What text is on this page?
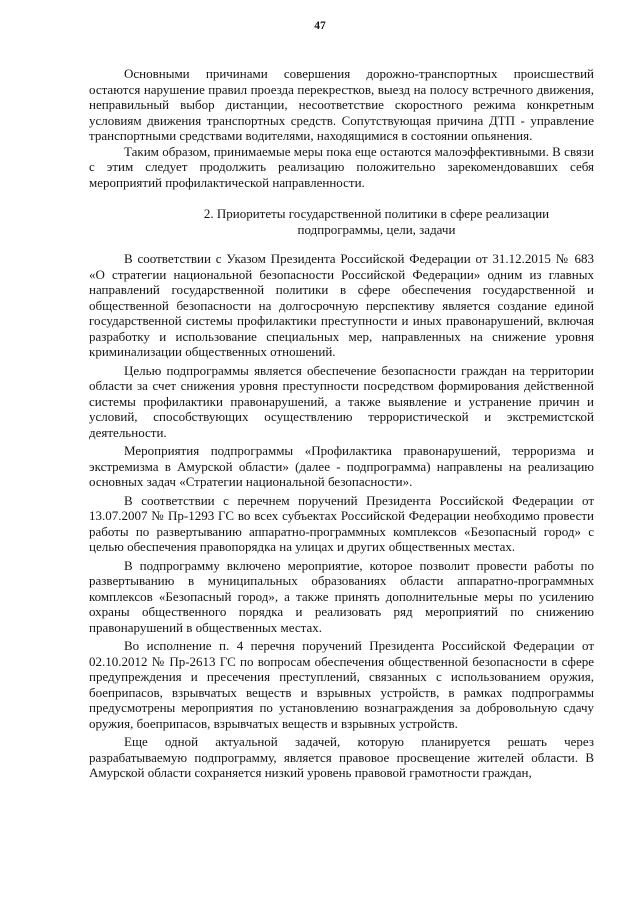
47

Основными причинами совершения дорожно-транспортных происшествий остаются нарушение правил проезда перекрестков, выезд на полосу встречного движения, неправильный выбор дистанции, несоответствие скоростного режима конкретным условиям движения транспортных средств. Сопутствующая причина ДТП - управление транспортными средствами водителями, находящимися в состоянии опьянения.

Таким образом, принимаемые меры пока еще остаются малоэффективными. В связи с этим следует продолжить реализацию положительно зарекомендовавших себя мероприятий профилактической направленности.

2. Приоритеты государственной политики в сфере реализации
подпрограммы, цели, задачи

В соответствии с Указом Президента Российской Федерации от 31.12.2015 № 683 «О стратегии национальной безопасности Российской Федерации» одним из главных направлений государственной политики в сфере обеспечения государственной и общественной безопасности на долгосрочную перспективу является создание единой государственной системы профилактики преступности и иных правонарушений, включая разработку и использование специальных мер, направленных на снижение уровня криминализации общественных отношений.

Целью подпрограммы является обеспечение безопасности граждан на территории области за счет снижения уровня преступности посредством формирования действенной системы профилактики правонарушений, а также выявление и устранение причин и условий, способствующих осуществлению террористической и экстремистской деятельности.

Мероприятия подпрограммы «Профилактика правонарушений, терроризма и экстремизма в Амурской области» (далее - подпрограмма) направлены на реализацию основных задач «Стратегии национальной безопасности».

В соответствии с перечнем поручений Президента Российской Федерации от 13.07.2007 № Пр-1293 ГС во всех субъектах Российской Федерации необходимо провести работы по развертыванию аппаратно-программных комплексов «Безопасный город» с целью обеспечения правопорядка на улицах и других общественных местах.

В подпрограмму включено мероприятие, которое позволит провести работы по развертыванию в муниципальных образованиях области аппаратно-программных комплексов «Безопасный город», а также принять дополнительные меры по усилению охраны общественного порядка и реализовать ряд мероприятий по снижению правонарушений в общественных местах.

Во исполнение п. 4 перечня поручений Президента Российской Федерации от 02.10.2012 № Пр-2613 ГС по вопросам обеспечения общественной безопасности в сфере предупреждения и пресечения преступлений, связанных с использованием оружия, боеприпасов, взрывчатых веществ и взрывных устройств, в рамках подпрограммы предусмотрены мероприятия по установлению вознаграждения за добровольную сдачу оружия, боеприпасов, взрывчатых веществ и взрывных устройств.

Еще одной актуальной задачей, которую планируется решать через разрабатываемую подпрограмму, является правовое просвещение жителей области. В Амурской области сохраняется низкий уровень правовой грамотности граждан,
